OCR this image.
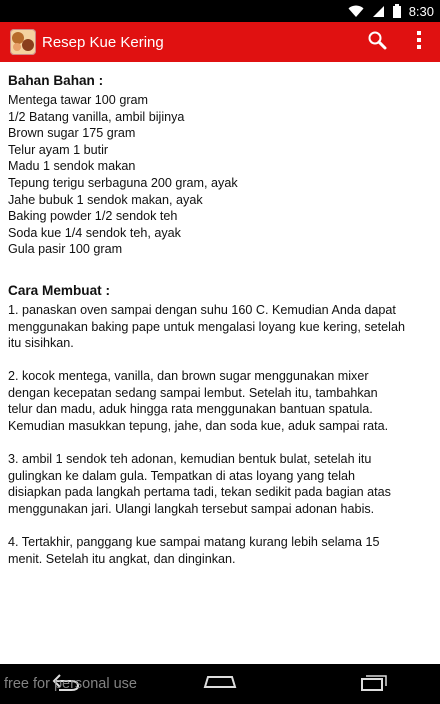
8:30
Resep Kue Kering
Bahan Bahan :
Mentega tawar 100 gram
1/2 Batang vanilla, ambil bijinya
Brown sugar 175 gram
Telur ayam 1 butir
Madu 1 sendok makan
Tepung terigu serbaguna 200 gram, ayak
Jahe bubuk 1 sendok makan, ayak
Baking powder 1/2 sendok teh
Soda kue 1/4 sendok teh, ayak
Gula pasir 100 gram
Cara Membuat :
1. panaskan oven sampai dengan suhu 160 C. Kemudian Anda dapat
menggunakan baking pape untuk mengalasi loyang kue kering, setelah
itu sisihkan.
2. kocok mentega, vanilla, dan brown sugar menggunakan mixer
dengan kecepatan sedang sampai lembut. Setelah itu, tambahkan
telur dan madu, aduk hingga rata menggunakan bantuan spatula.
Kemudian masukkan tepung, jahe, dan soda kue, aduk sampai rata.
3. ambil 1 sendok teh adonan, kemudian bentuk bulat, setelah itu
gulingkan ke dalam gula. Tempatkan di atas loyang yang telah
disiapkan pada langkah pertama tadi, tekan sedikit pada bagian atas
menggunakan jari. Ulangi langkah tersebut sampai adonan habis.
4. Tertakhir, panggang kue sampai matang kurang lebih selama 15
menit. Setelah itu angkat, dan dinginkan.
free for personal use
